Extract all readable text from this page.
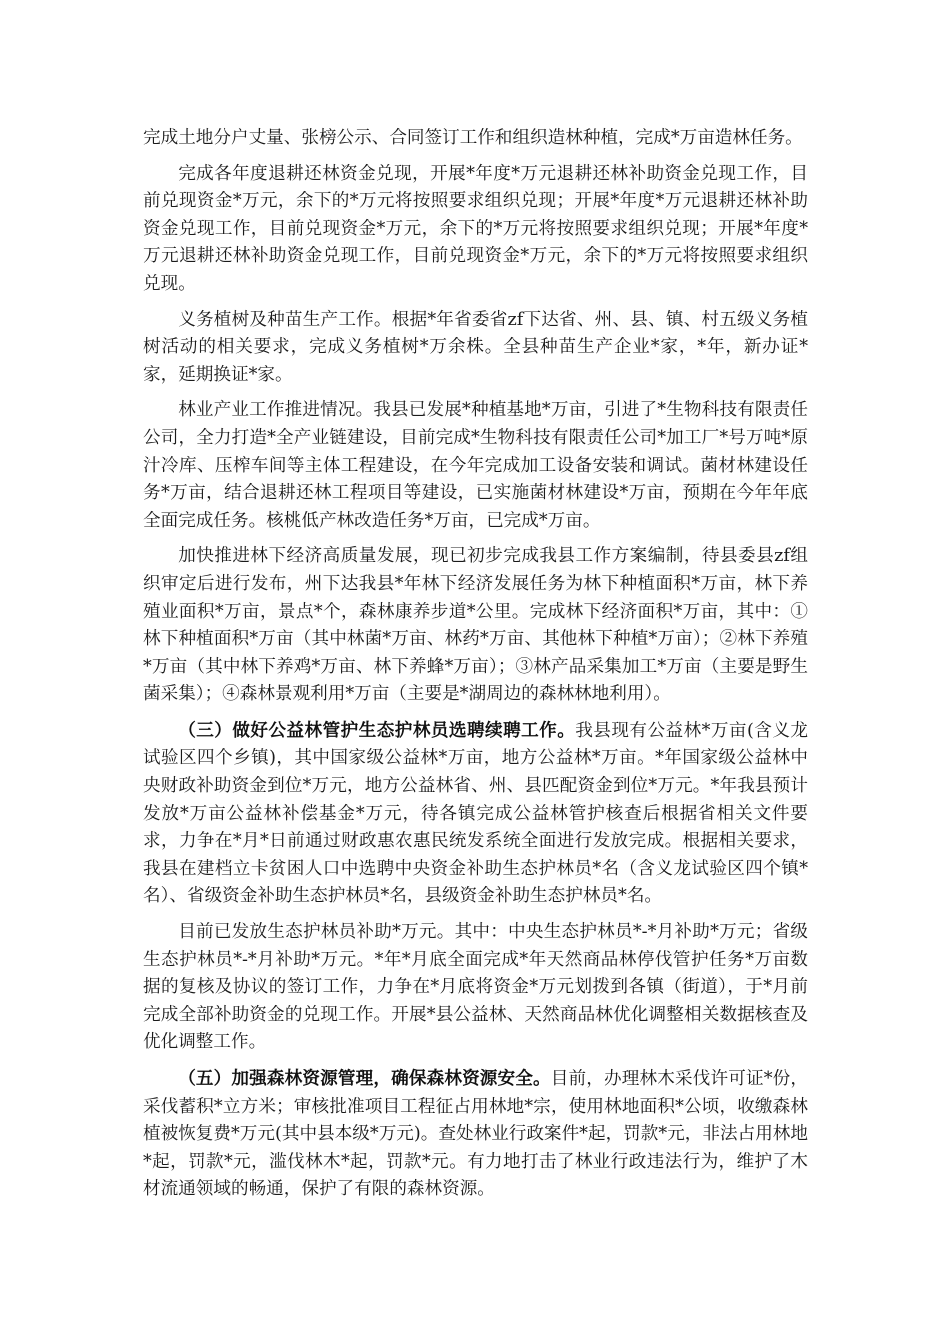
完成土地分户丈量、张榜公示、合同签订工作和组织造林种植，完成*万亩造林任务。

完成各年度退耕还林资金兑现，开展*年度*万元退耕还林补助资金兑现工作，目前兑现资金*万元，余下的*万元将按照要求组织兑现；开展*年度*万元退耕还林补助资金兑现工作，目前兑现资金*万元，余下的*万元将按照要求组织兑现；开展*年度*万元退耕还林补助资金兑现工作，目前兑现资金*万元，余下的*万元将按照要求组织兑现。

义务植树及种苗生产工作。根据*年省委省zf下达省、州、县、镇、村五级义务植树活动的相关要求，完成义务植树*万余株。全县种苗生产企业*家，*年，新办证*家，延期换证*家。

林业产业工作推进情况。我县已发展*种植基地*万亩，引进了*生物科技有限责任公司，全力打造*全产业链建设，目前完成*生物科技有限责任公司*加工厂*号万吨*原汁冷库、压榨车间等主体工程建设，在今年完成加工设备安装和调试。菌材林建设任务*万亩，结合退耕还林工程项目等建设，已实施菌材林建设*万亩，预期在今年年底全面完成任务。核桃低产林改造任务*万亩，已完成*万亩。

加快推进林下经济高质量发展，现已初步完成我县工作方案编制，待县委县zf组织审定后进行发布，州下达我县*年林下经济发展任务为林下种植面积*万亩，林下养殖业面积*万亩，景点*个，森林康养步道*公里。完成林下经济面积*万亩，其中：①林下种植面积*万亩（其中林菌*万亩、林药*万亩、其他林下种植*万亩）；②林下养殖*万亩（其中林下养鸡*万亩、林下养蜂*万亩）；③林产品采集加工*万亩（主要是野生菌采集）；④森林景观利用*万亩（主要是*湖周边的森林林地利用）。

（三）做好公益林管护生态护林员选聘续聘工作。我县现有公益林*万亩(含义龙试验区四个乡镇)，其中国家级公益林*万亩，地方公益林*万亩。*年国家级公益林中央财政补助资金到位*万元，地方公益林省、州、县匹配资金到位*万元。*年我县预计发放*万亩公益林补偿基金*万元，待各镇完成公益林管护核查后根据省相关文件要求，力争在*月*日前通过财政惠农惠民统发系统全面进行发放完成。根据相关要求，我县在建档立卡贫困人口中选聘中央资金补助生态护林员*名（含义龙试验区四个镇*名）、省级资金补助生态护林员*名，县级资金补助生态护林员*名。

目前已发放生态护林员补助*万元。其中：中央生态护林员*-*月补助*万元；省级生态护林员*-*月补助*万元。*年*月底全面完成*年天然商品林停伐管护任务*万亩数据的复核及协议的签订工作，力争在*月底将资金*万元划拨到各镇（街道），于*月前完成全部补助资金的兑现工作。开展*县公益林、天然商品林优化调整相关数据核查及优化调整工作。

（五）加强森林资源管理，确保森林资源安全。目前，办理林木采伐许可证*份，采伐蓄积*立方米；审核批准项目工程征占用林地*宗，使用林地面积*公顷，收缴森林植被恢复费*万元(其中县本级*万元)。查处林业行政案件*起，罚款*元，非法占用林地*起，罚款*元，滥伐林木*起，罚款*元。有力地打击了林业行政违法行为，维护了木材流通领域的畅通，保护了有限的森林资源。
